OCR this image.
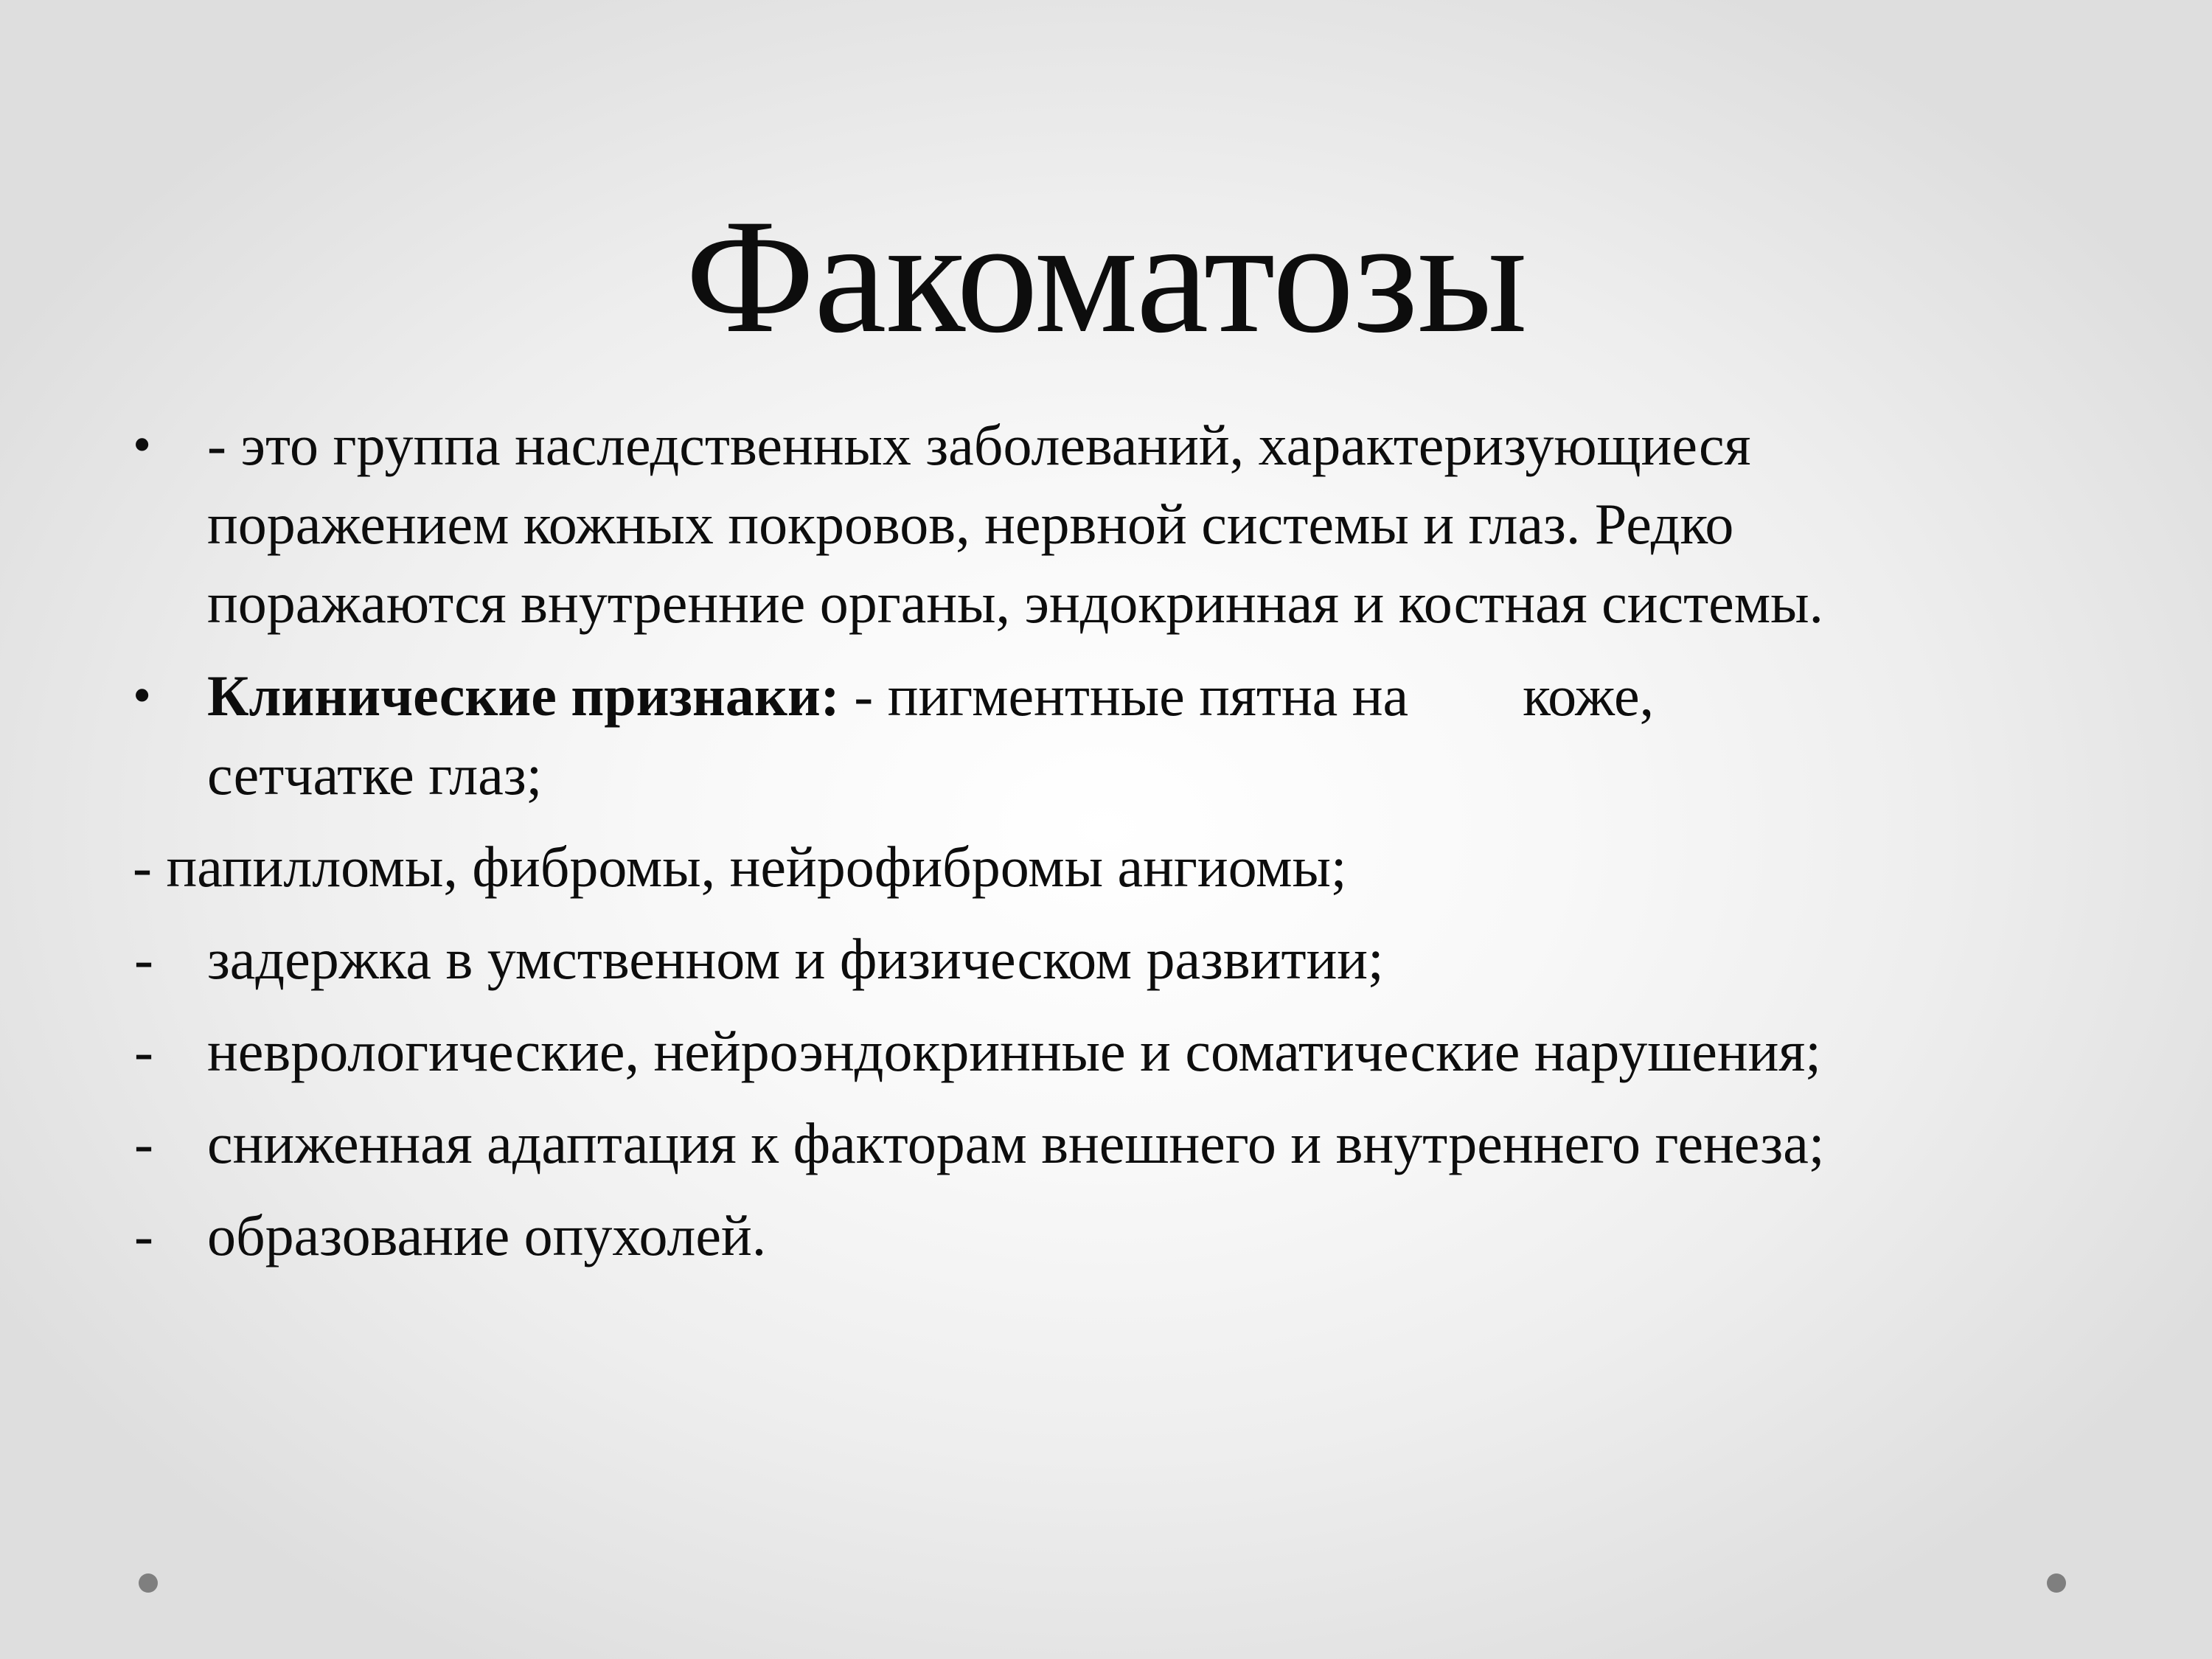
Факоматозы
• - это группа наследственных заболеваний, характеризующиеся
поражением кожных покровов, нервной системы и глаз. Редко
поражаются внутренние органы, эндокринная и костная системы.
• Клинические признаки: - пигментные пятна на коже,
сетчатке глаз;
- папилломы, фибромы, нейрофибромы ангиомы;
- задержка в умственном и физическом развитии;
- неврологические, нейроэндокринные и соматические нарушения;
- сниженная адаптация к факторам внешнего и внутреннего генеза;
- образование опухолей.
